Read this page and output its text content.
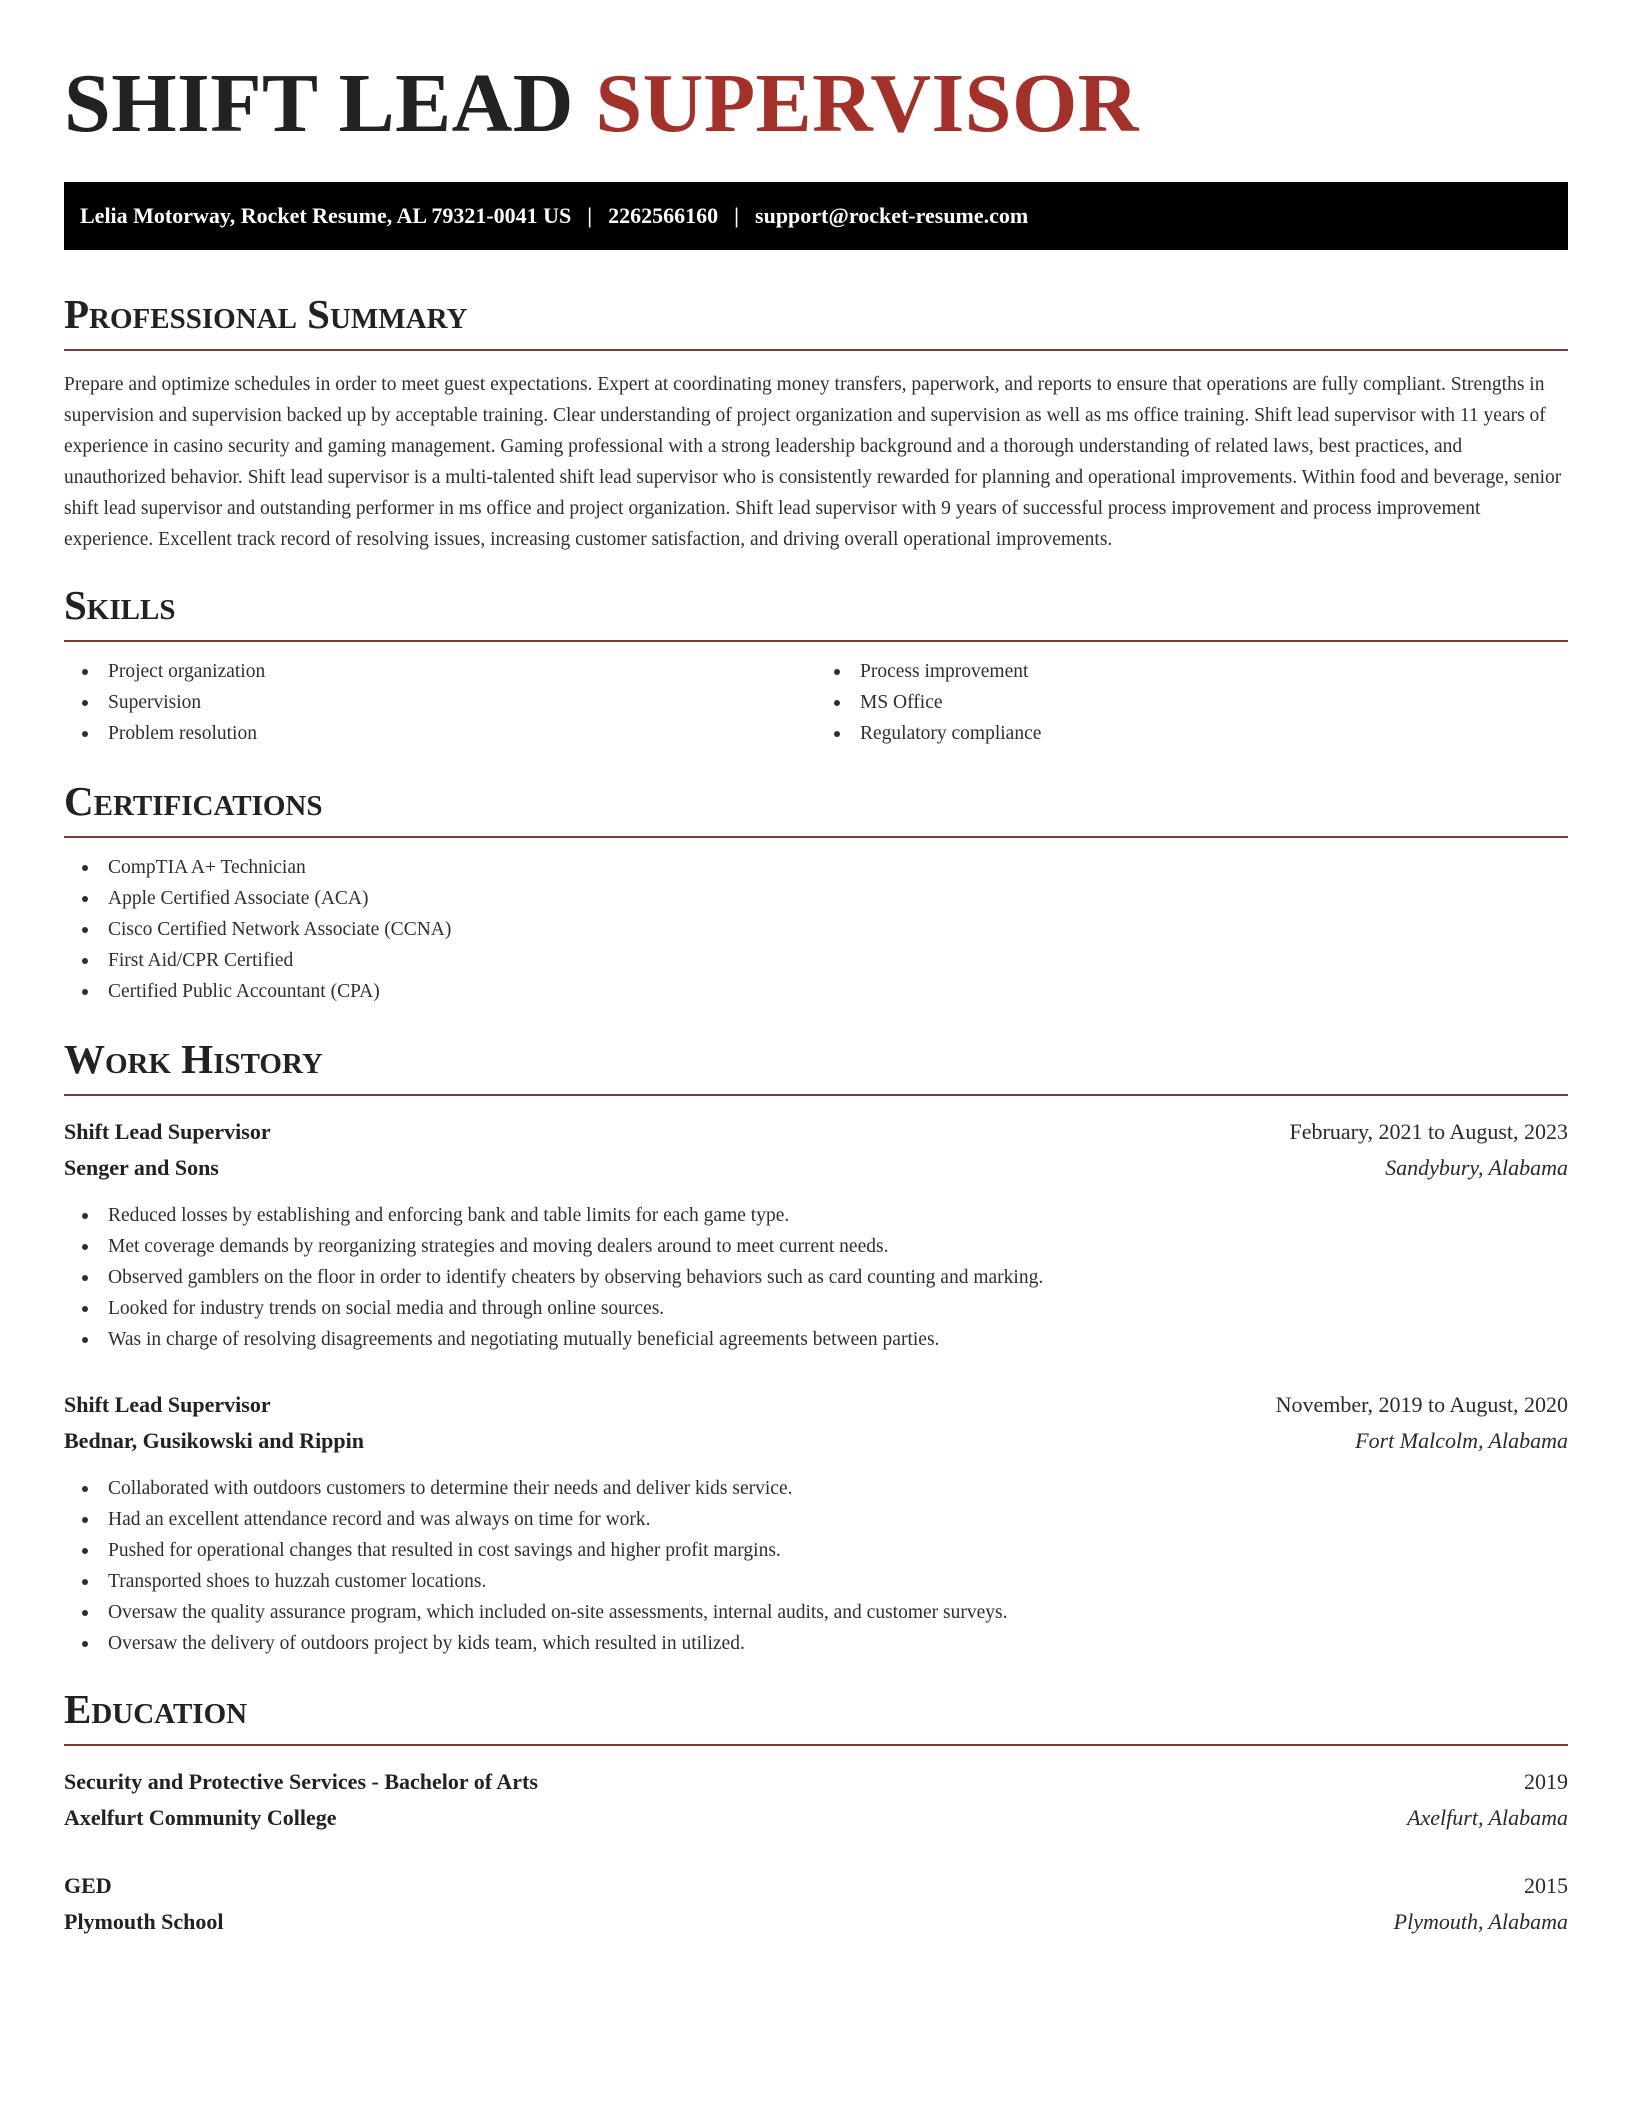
SHIFT LEAD SUPERVISOR
Lelia Motorway, Rocket Resume, AL 79321-0041 US | 2262566160 | support@rocket-resume.com
Professional Summary

Prepare and optimize schedules in order to meet guest expectations. Expert at coordinating money transfers, paperwork, and reports to ensure that operations are fully compliant. Strengths in supervision and supervision backed up by acceptable training. Clear understanding of project organization and supervision as well as ms office training. Shift lead supervisor with 11 years of experience in casino security and gaming management. Gaming professional with a strong leadership background and a thorough understanding of related laws, best practices, and unauthorized behavior. Shift lead supervisor is a multi-talented shift lead supervisor who is consistently rewarded for planning and operational improvements. Within food and beverage, senior shift lead supervisor and outstanding performer in ms office and project organization. Shift lead supervisor with 9 years of successful process improvement and process improvement experience. Excellent track record of resolving issues, increasing customer satisfaction, and driving overall operational improvements.

Skills
Project organization
Supervision
Problem resolution
Process improvement
MS Office
Regulatory compliance
Certifications
CompTIA A+ Technician
Apple Certified Associate (ACA)
Cisco Certified Network Associate (CCNA)
First Aid/CPR Certified
Certified Public Accountant (CPA)
Work History
Shift Lead Supervisor	February, 2021 to August, 2023
Senger and Sons	Sandybury, Alabama
Reduced losses by establishing and enforcing bank and table limits for each game type.
Met coverage demands by reorganizing strategies and moving dealers around to meet current needs.
Observed gamblers on the floor in order to identify cheaters by observing behaviors such as card counting and marking.
Looked for industry trends on social media and through online sources.
Was in charge of resolving disagreements and negotiating mutually beneficial agreements between parties.
Shift Lead Supervisor	November, 2019 to August, 2020
Bednar, Gusikowski and Rippin	Fort Malcolm, Alabama
Collaborated with outdoors customers to determine their needs and deliver kids service.
Had an excellent attendance record and was always on time for work.
Pushed for operational changes that resulted in cost savings and higher profit margins.
Transported shoes to huzzah customer locations.
Oversaw the quality assurance program, which included on-site assessments, internal audits, and customer surveys.
Oversaw the delivery of outdoors project by kids team, which resulted in utilized.
Education
Security and Protective Services - Bachelor of Arts	2019
Axelfurt Community College	Axelfurt, Alabama
GED	2015
Plymouth School	Plymouth, Alabama
